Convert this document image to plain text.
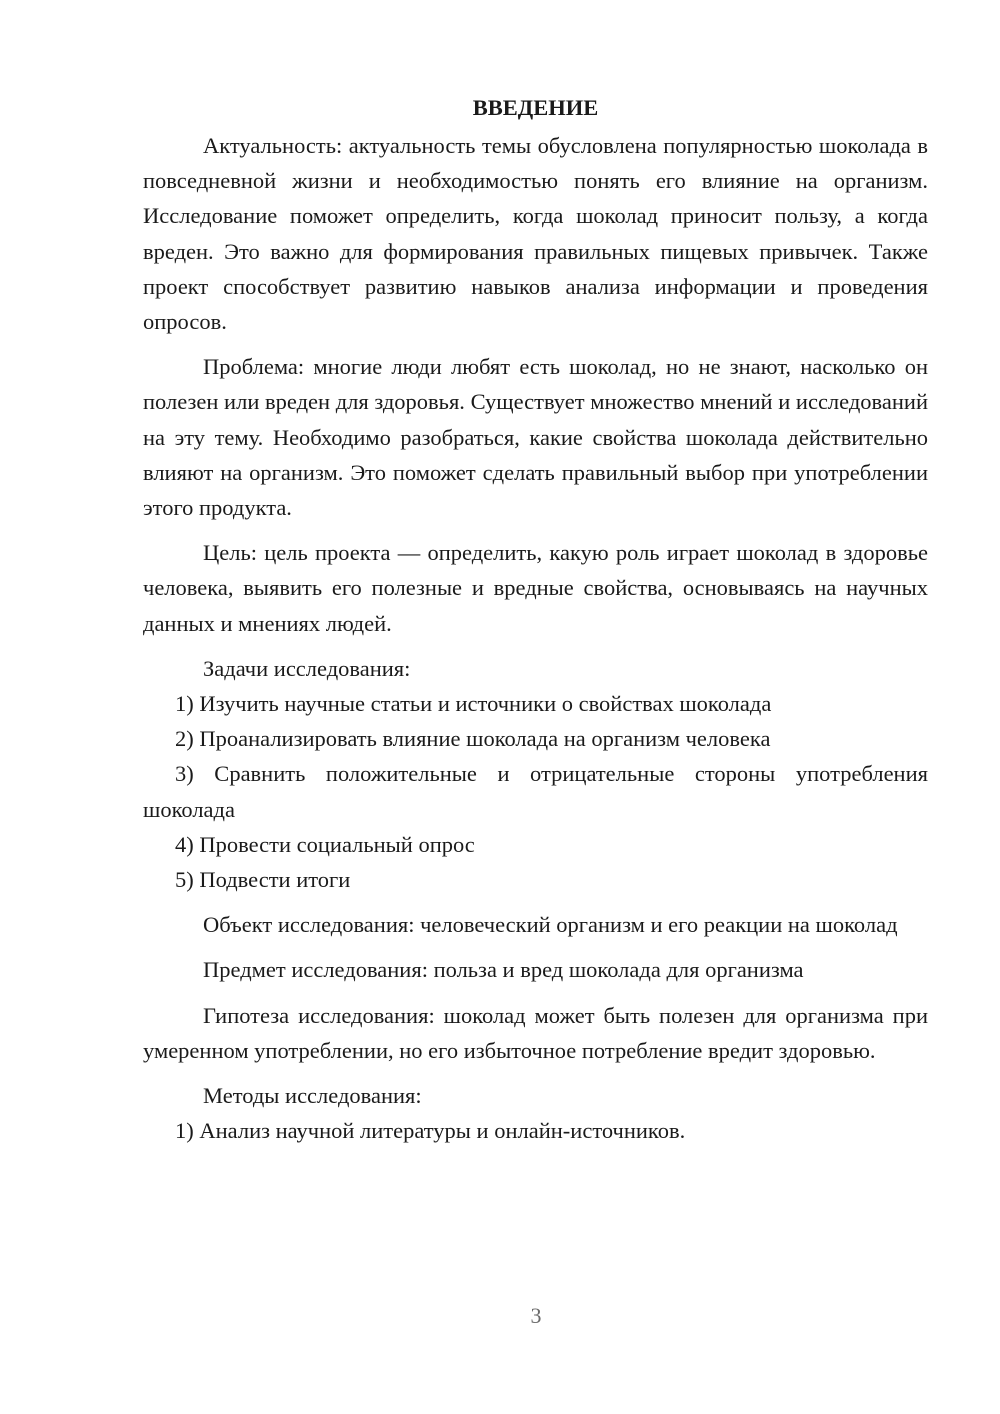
ВВЕДЕНИЕ

Актуальность: актуальность темы обусловлена популярностью шоколада в повседневной жизни и необходимостью понять его влияние на организм. Исследование поможет определить, когда шоколад приносит пользу, а когда вреден. Это важно для формирования правильных пищевых привычек. Также проект способствует развитию навыков анализа информации и проведения опросов.

Проблема: многие люди любят есть шоколад, но не знают, насколько он полезен или вреден для здоровья. Существует множество мнений и исследований на эту тему. Необходимо разобраться, какие свойства шоколада действительно влияют на организм. Это поможет сделать правильный выбор при употреблении этого продукта.

Цель: цель проекта — определить, какую роль играет шоколад в здоровье человека, выявить его полезные и вредные свойства, основываясь на научных данных и мнениях людей.

Задачи исследования:

1) Изучить научные статьи и источники о свойствах шоколада

2) Проанализировать влияние шоколада на организм человека

3) Сравнить положительные и отрицательные стороны употребления шоколада

4) Провести социальный опрос

5) Подвести итоги

Объект исследования: человеческий организм и его реакции на шоколад

Предмет исследования: польза и вред шоколада для организма

Гипотеза исследования: шоколад может быть полезен для организма при умеренном употреблении, но его избыточное потребление вредит здоровью.

Методы исследования:

1) Анализ научной литературы и онлайн-источников.

3
